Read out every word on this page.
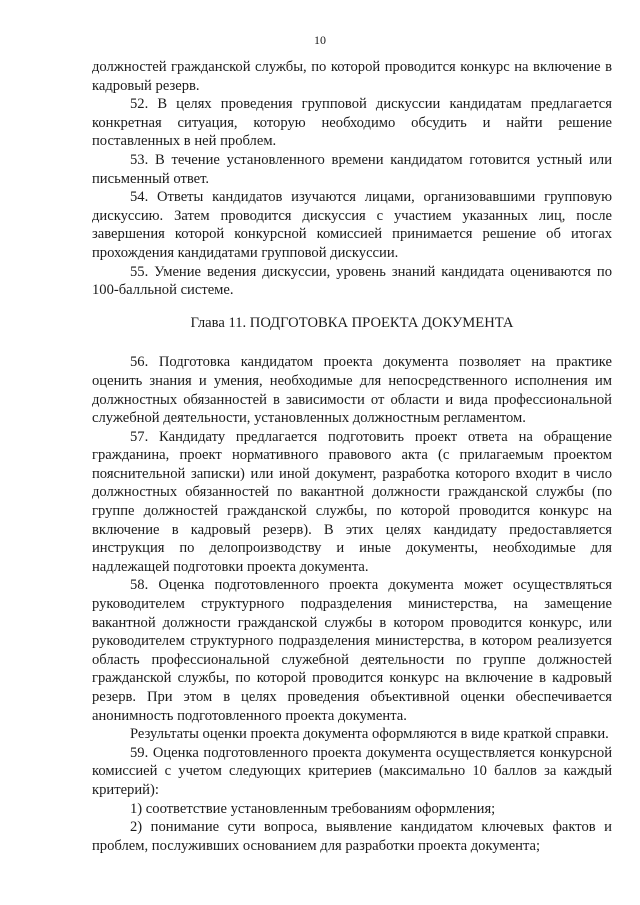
10

должностей гражданской службы, по которой проводится конкурс на включение в кадровый резерв.

52. В целях проведения групповой дискуссии кандидатам предлагается конкретная ситуация, которую необходимо обсудить и найти решение поставленных в ней проблем.

53. В течение установленного времени кандидатом готовится устный или письменный ответ.

54. Ответы кандидатов изучаются лицами, организовавшими групповую дискуссию. Затем проводится дискуссия с участием указанных лиц, после завершения которой конкурсной комиссией принимается решение об итогах прохождения кандидатами групповой дискуссии.

55. Умение ведения дискуссии, уровень знаний кандидата оцениваются по 100-балльной системе.

Глава 11. ПОДГОТОВКА ПРОЕКТА ДОКУМЕНТА

56. Подготовка кандидатом проекта документа позволяет на практике оценить знания и умения, необходимые для непосредственного исполнения им должностных обязанностей в зависимости от области и вида профессиональной служебной деятельности, установленных должностным регламентом.

57. Кандидату предлагается подготовить проект ответа на обращение гражданина, проект нормативного правового акта (с прилагаемым проектом пояснительной записки) или иной документ, разработка которого входит в число должностных обязанностей по вакантной должности гражданской службы (по группе должностей гражданской службы, по которой проводится конкурс на включение в кадровый резерв). В этих целях кандидату предоставляется инструкция по делопроизводству и иные документы, необходимые для надлежащей подготовки проекта документа.

58. Оценка подготовленного проекта документа может осуществляться руководителем структурного подразделения министерства, на замещение вакантной должности гражданской службы в котором проводится конкурс, или руководителем структурного подразделения министерства, в котором реализуется область профессиональной служебной деятельности по группе должностей гражданской службы, по которой проводится конкурс на включение в кадровый резерв. При этом в целях проведения объективной оценки обеспечивается анонимность подготовленного проекта документа.

Результаты оценки проекта документа оформляются в виде краткой справки.

59. Оценка подготовленного проекта документа осуществляется конкурсной комиссией с учетом следующих критериев (максимально 10 баллов за каждый критерий):

1) соответствие установленным требованиям оформления;

2) понимание сути вопроса, выявление кандидатом ключевых фактов и проблем, послуживших основанием для разработки проекта документа;
